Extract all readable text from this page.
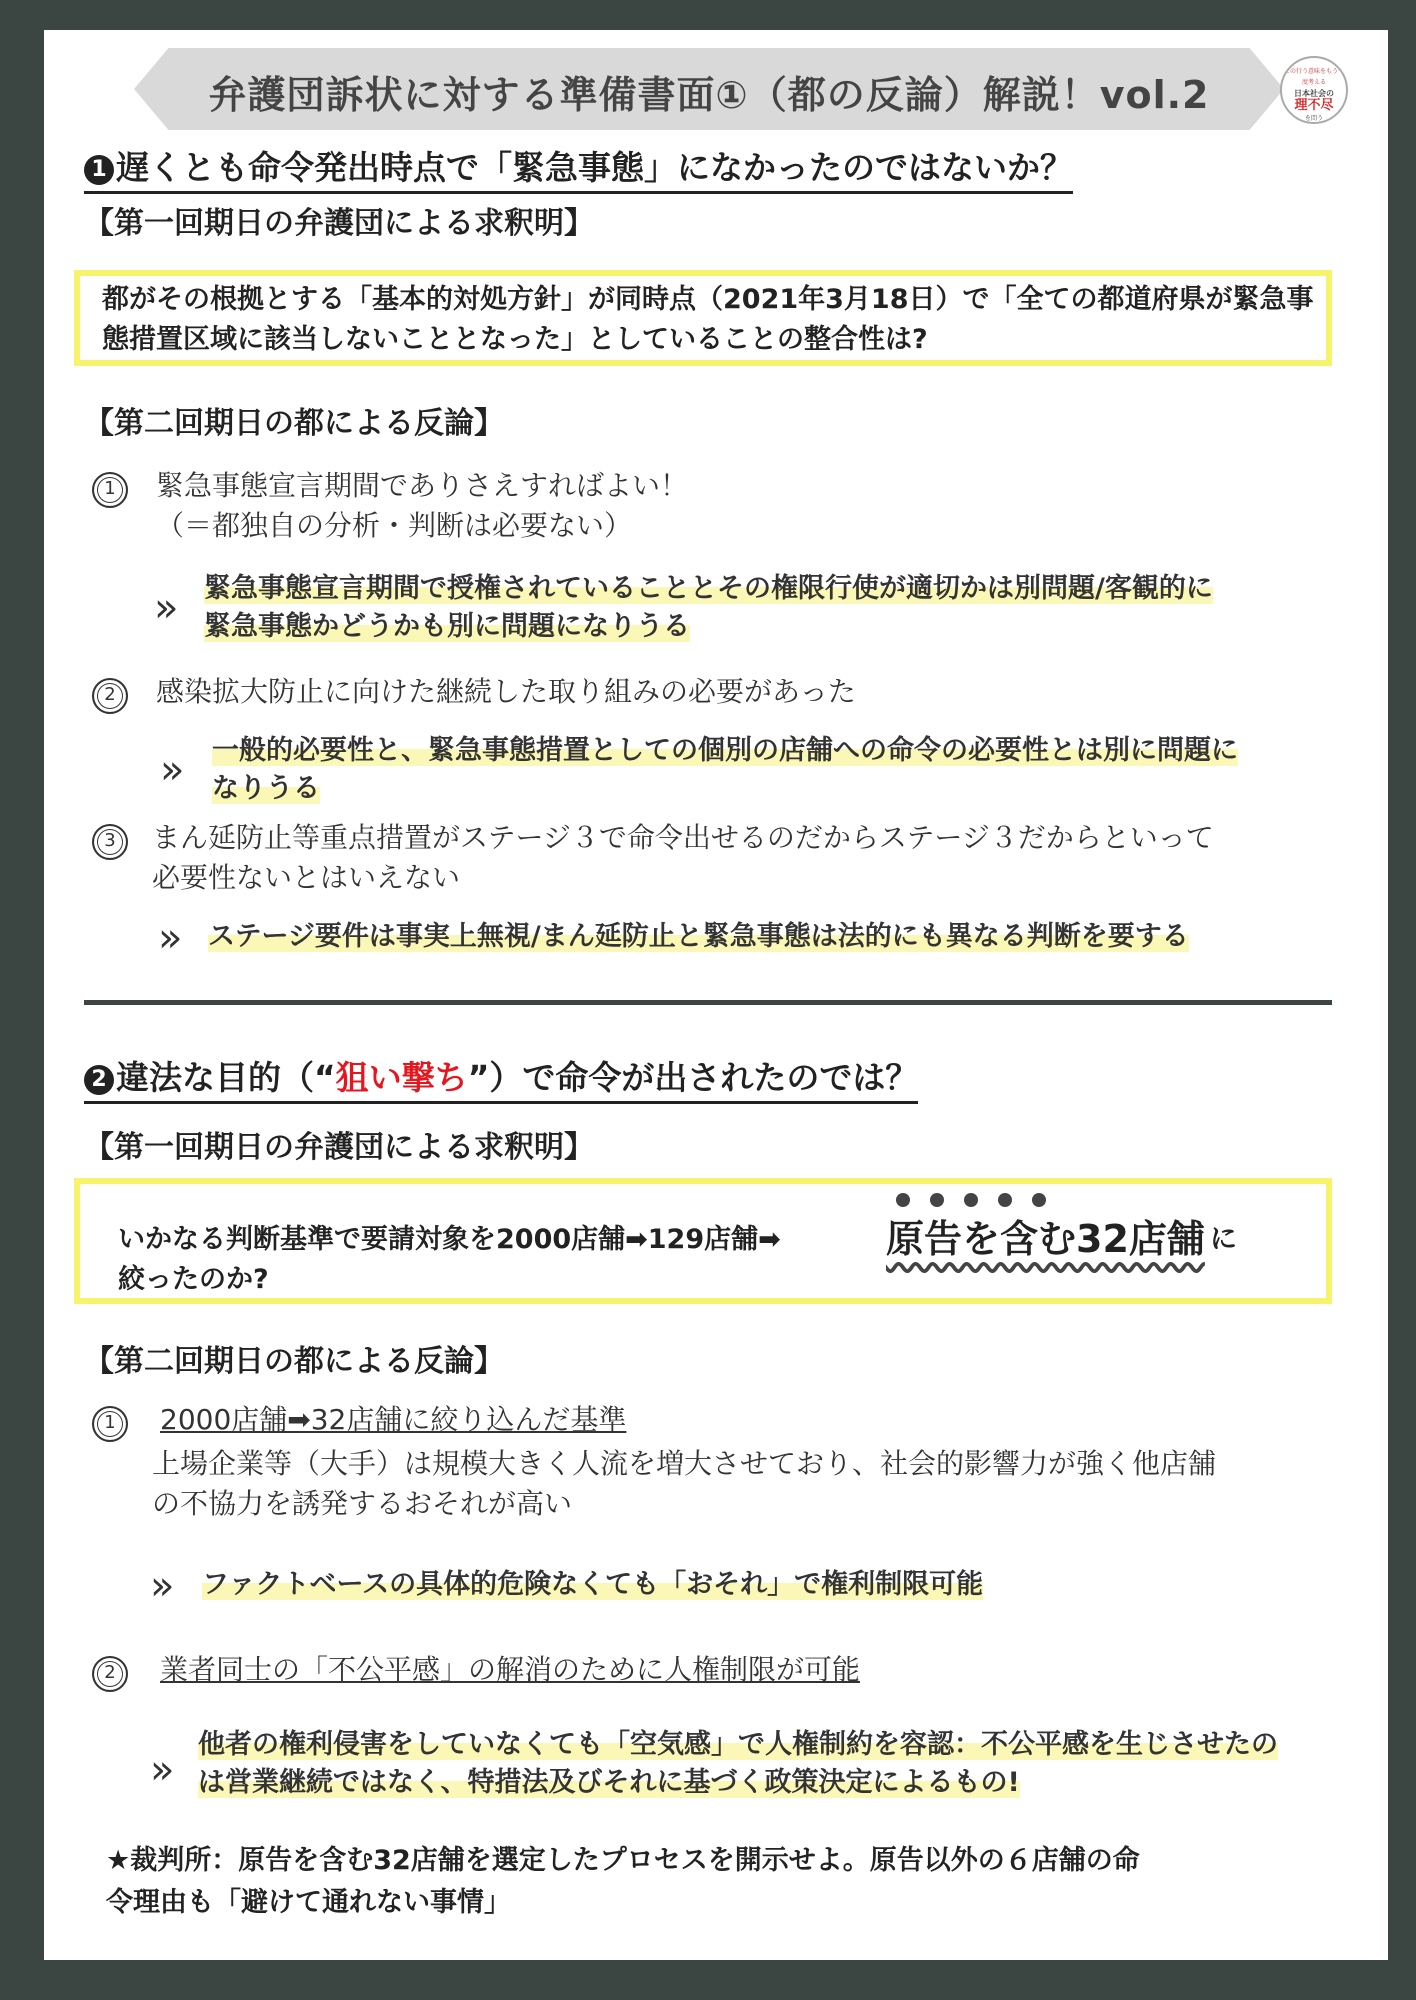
弁護団訴状に対する準備書面①（都の反論）解説！vol.2
この行う意味をもう一度考える
日本社会の
理不尽
を問う
1 遅くとも命令発出時点で「緊急事態」になかったのではないか？
【第一回期日の弁護団による求釈明】
都がその根拠とする「基本的対処方針」が同時点（2021年3月18日）で「全ての都道府県が緊急事態措置区域に該当しないこととなった」としていることの整合性は?
【第二回期日の都による反論】
1	緊急事態宣言期間でありさえすればよい！
（＝都独自の分析・判断は必要ない）
» 緊急事態宣言期間で授権されていることとその権限行使が適切かは別問題/客観的に
緊急事態かどうかも別に問題になりうる
2	感染拡大防止に向けた継続した取り組みの必要があった
» 一般的必要性と、緊急事態措置としての個別の店舗への命令の必要性とは別に問題に
なりうる
3	まん延防止等重点措置がステージ３で命令出せるのだからステージ３だからといって
必要性ないとはいえない
» ステージ要件は事実上無視/まん延防止と緊急事態は法的にも異なる判断を要する
2 違法な目的（“狙い撃ち”）で命令が出されたのでは？
【第一回期日の弁護団による求釈明】
いかなる判断基準で要請対象を2000店舗➡129店舗➡	原告を含む32店舗 に
絞ったのか?
【第二回期日の都による反論】
1	2000店舗➡32店舗に絞り込んだ基準
上場企業等（大手）は規模大きく人流を増大させており、社会的影響力が強く他店舗
の不協力を誘発するおそれが高い
» ファクトベースの具体的危険なくても「おそれ」で権利制限可能
2	業者同士の「不公平感」の解消のために人権制限が可能
»
他者の権利侵害をしていなくても「空気感」で人権制約を容認：不公平感を生じさせたの
は営業継続ではなく、特措法及びそれに基づく政策決定によるもの!
★裁判所：原告を含む32店舗を選定したプロセスを開示せよ。原告以外の６店舗の命
令理由も「避けて通れない事情」
